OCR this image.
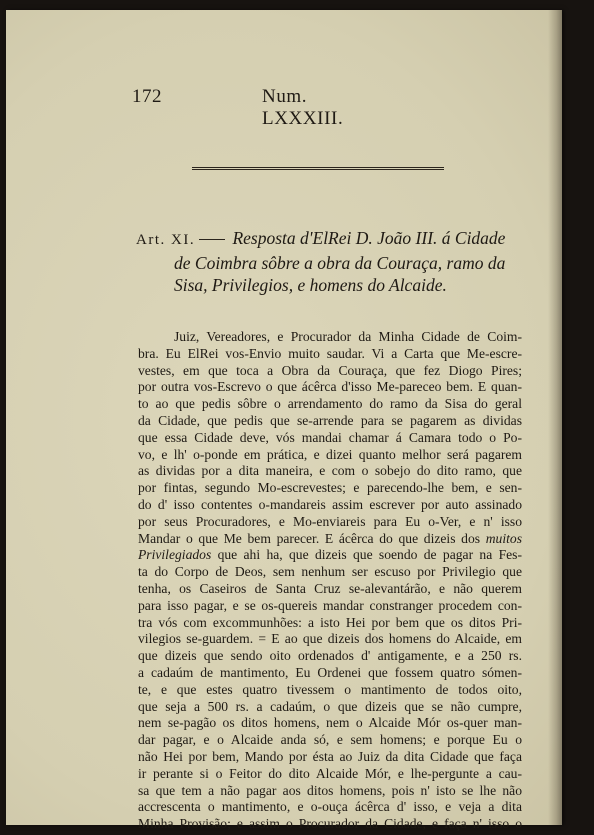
172	Num. LXXXIII.
Art. XI. Resposta d'ElRei D. João III. á Cidade
de Coimbra sôbre a obra da Couraça, ramo da
Sisa, Privilegios, e homens do Alcaide.
Juiz, Vereadores, e Procurador da Minha Cidade de Coim-
bra. Eu ElRei vos-Envio muito saudar. Vi a Carta que Me-escre-
vestes, em que toca a Obra da Couraça, que fez Diogo Pires;
por outra vos-Escrevo o que ácêrca d'isso Me-pareceo bem. E quan-
to ao que pedis sôbre o arrendamento do ramo da Sisa do geral
da Cidade, que pedis que se-arrende para se pagarem as dividas
que essa Cidade deve, vós mandai chamar á Camara todo o Po-
vo, e lh' o-ponde em prática, e dizei quanto melhor será pagarem
as dividas por a dita maneira, e com o sobejo do dito ramo, que
por fintas, segundo Mo-escrevestes; e parecendo-lhe bem, e sen-
do d' isso contentes o-mandareis assim escrever por auto assinado
por seus Procuradores, e Mo-enviareis para Eu o-Ver, e n' isso
Mandar o que Me bem parecer. E ácêrca do que dizeis dos muitos
Privilegiados que ahi ha, que dizeis que soendo de pagar na Fes-
ta do Corpo de Deos, sem nenhum ser escuso por Privilegio que
tenha, os Caseiros de Santa Cruz se-alevantárão, e não querem
para isso pagar, e se os-quereis mandar constranger procedem con-
tra vós com excommunhões: a isto Hei por bem que os ditos Pri-
vilegios se-guardem. = E ao que dizeis dos homens do Alcaide, em
que dizeis que sendo oito ordenados d' antigamente, e a 250 rs.
a cadaúm de mantimento, Eu Ordenei que fossem quatro sómen-
te, e que estes quatro tivessem o mantimento de todos oito,
que seja a 500 rs. a cadaúm, o que dizeis que se não cumpre,
nem se-pagão os ditos homens, nem o Alcaide Mór os-quer man-
dar pagar, e o Alcaide anda só, e sem homens; e porque Eu o
não Hei por bem, Mando por ésta ao Juiz da dita Cidade que faça
ir perante si o Feitor do dito Alcaide Mór, e lhe-pergunte a cau-
sa que tem a não pagar aos ditos homens, pois n' isto se lhe não
accrescenta o mantimento, e o-ouça ácêrca d' isso, e veja a dita
Minha Provisão; e assim o Procurador da Cidade, e faça n' isso o
